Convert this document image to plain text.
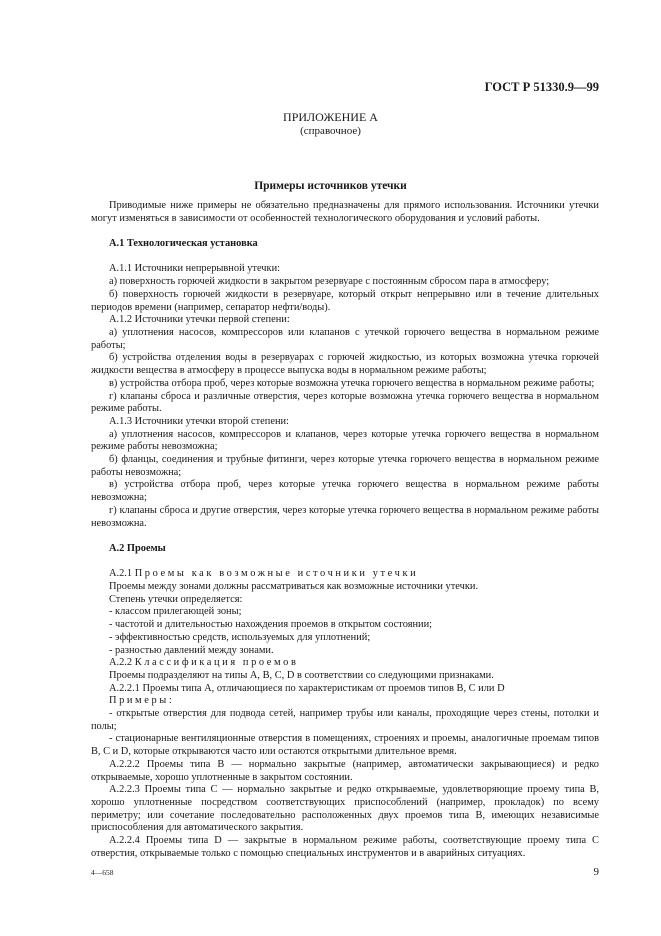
ГОСТ Р 51330.9—99
ПРИЛОЖЕНИЕ А
(справочное)
Примеры источников утечки

Приводимые ниже примеры не обязательно предназначены для прямого использования. Источники утечки могут изменяться в зависимости от особенностей технологического оборудования и условий работы.

А.1 Технологическая установка

А.1.1 Источники непрерывной утечки:

а) поверхность горючей жидкости в закрытом резервуаре с постоянным сбросом пара в атмосферу;

б) поверхность горючей жидкости в резервуаре, который открыт непрерывно или в течение длительных периодов времени (например, сепаратор нефти/воды).

А.1.2 Источники утечки первой степени:

а) уплотнения насосов, компрессоров или клапанов с утечкой горючего вещества в нормальном режиме работы;

б) устройства отделения воды в резервуарах с горючей жидкостью, из которых возможна утечка горючей жидкости вещества в атмосферу в процессе выпуска воды в нормальном режиме работы;

в) устройства отбора проб, через которые возможна утечка горючего вещества в нормальном режиме работы;

г) клапаны сброса и различные отверстия, через которые возможна утечка горючего вещества в нормальном режиме работы.

А.1.3 Источники утечки второй степени:

а) уплотнения насосов, компрессоров и клапанов, через которые утечка горючего вещества в нормальном режиме работы невозможна;

б) фланцы, соединения и трубные фитинги, через которые утечка горючего вещества в нормальном режиме работы невозможна;

в) устройства отбора проб, через которые утечка горючего вещества в нормальном режиме работы невозможна;

г) клапаны сброса и другие отверстия, через которые утечка горючего вещества в нормальном режиме работы невозможна.

А.2 Проемы

А.2.1 Проемы как возможные источники утечки

Проемы между зонами должны рассматриваться как возможные источники утечки.

Степень утечки определяется:

- классом прилегающей зоны;

- частотой и длительностью нахождения проемов в открытом состоянии;

- эффективностью средств, используемых для уплотнений;

- разностью давлений между зонами.

А.2.2 Классификация проемов

Проемы подразделяют на типы А, В, С, D в соответствии со следующими признаками.

А.2.2.1 Проемы типа А, отличающиеся по характеристикам от проемов типов В, С или D

Примеры:

- открытые отверстия для подвода сетей, например трубы или каналы, проходящие через стены, потолки и полы;

- стационарные вентиляционные отверстия в помещениях, строениях и проемы, аналогичные проемам типов В, С и D, которые открываются часто или остаются открытыми длительное время.

А.2.2.2 Проемы типа В — нормально закрытые (например, автоматически закрывающиеся) и редко открываемые, хорошо уплотненные в закрытом состоянии.

А.2.2.3 Проемы типа С — нормально закрытые и редко открываемые, удовлетворяющие проему типа В, хорошо уплотненные посредством соответствующих приспособлений (например, прокладок) по всему периметру; или сочетание последовательно расположенных двух проемов типа В, имеющих независимые приспособления для автоматического закрытия.

А.2.2.4 Проемы типа D — закрытые в нормальном режиме работы, соответствующие проему типа С отверстия, открываемые только с помощью специальных инструментов и в аварийных ситуациях.

4—658	9
